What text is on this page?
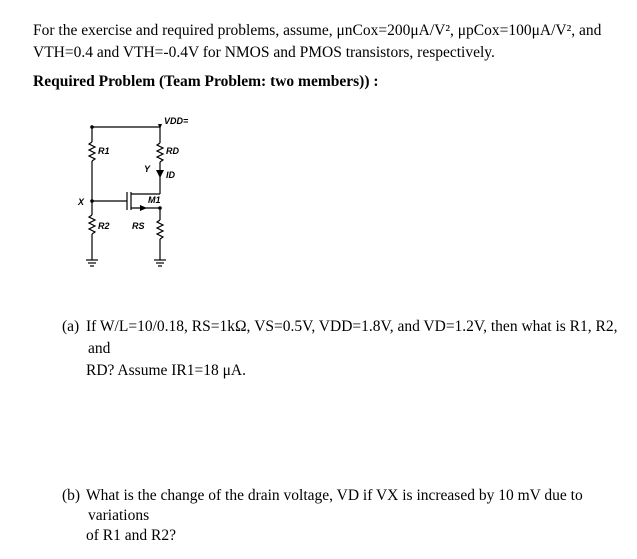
For the exercise and required problems, assume, μnCox=200μA/V², μpCox=100μA/V², and
VTH=0.4 and VTH=-0.4V for NMOS and PMOS transistors, respectively.
Required Problem (Team Problem: two members)) :
VDD=
R1	RD
ID
Y
M1
X
R2 RS
(a) If W/L=10/0.18, RS=1kΩ, VS=0.5V, VDD=1.8V, and VD=1.2V, then what is R1, R2, and
RD? Assume IR1=18 μA.
(b) What is the change of the drain voltage, VD if VX is increased by 10 mV due to variations
of R1 and R2?
